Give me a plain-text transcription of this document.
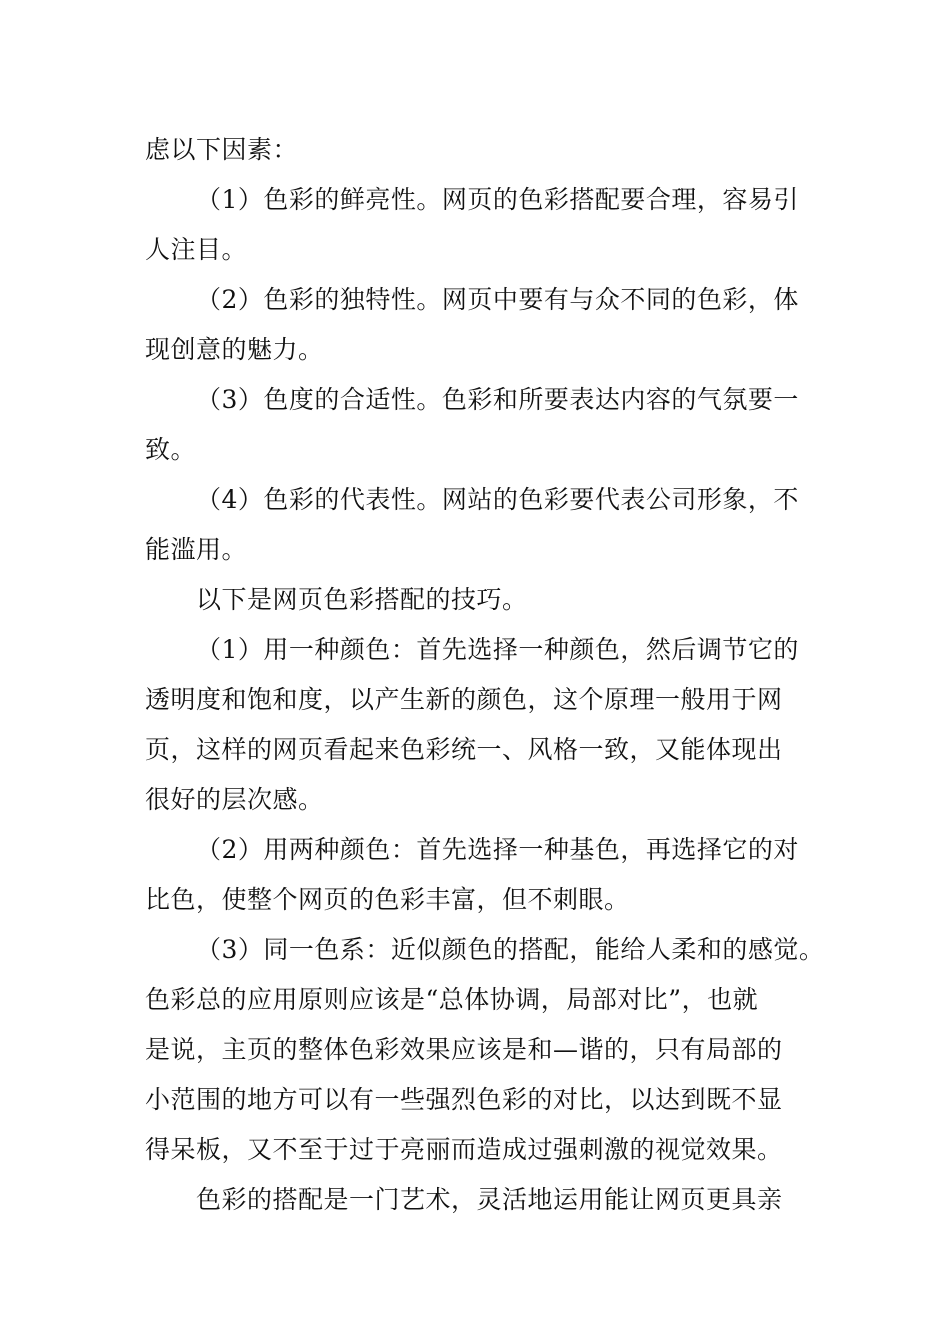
虑以下因素：
（1）色彩的鲜亮性。网页的色彩搭配要合理，容易引
人注目。
（2）色彩的独特性。网页中要有与众不同的色彩，体
现创意的魅力。
（3）色度的合适性。色彩和所要表达内容的气氛要一
致。
（4）色彩的代表性。网站的色彩要代表公司形象，不
能滥用。
以下是网页色彩搭配的技巧。
（1）用一种颜色：首先选择一种颜色，然后调节它的
透明度和饱和度，以产生新的颜色，这个原理一般用于网
页，这样的网页看起来色彩统一、风格一致，又能体现出
很好的层次感。
（2）用两种颜色：首先选择一种基色，再选择它的对
比色，使整个网页的色彩丰富，但不刺眼。
（3）同一色系：近似颜色的搭配，能给人柔和的感觉。
色彩总的应用原则应该是“总体协调，局部对比”，也就
是说，主页的整体色彩效果应该是和—谐的，只有局部的
小范围的地方可以有一些强烈色彩的对比，以达到既不显
得呆板，又不至于过于亮丽而造成过强刺激的视觉效果。
色彩的搭配是一门艺术，灵活地运用能让网页更具亲
